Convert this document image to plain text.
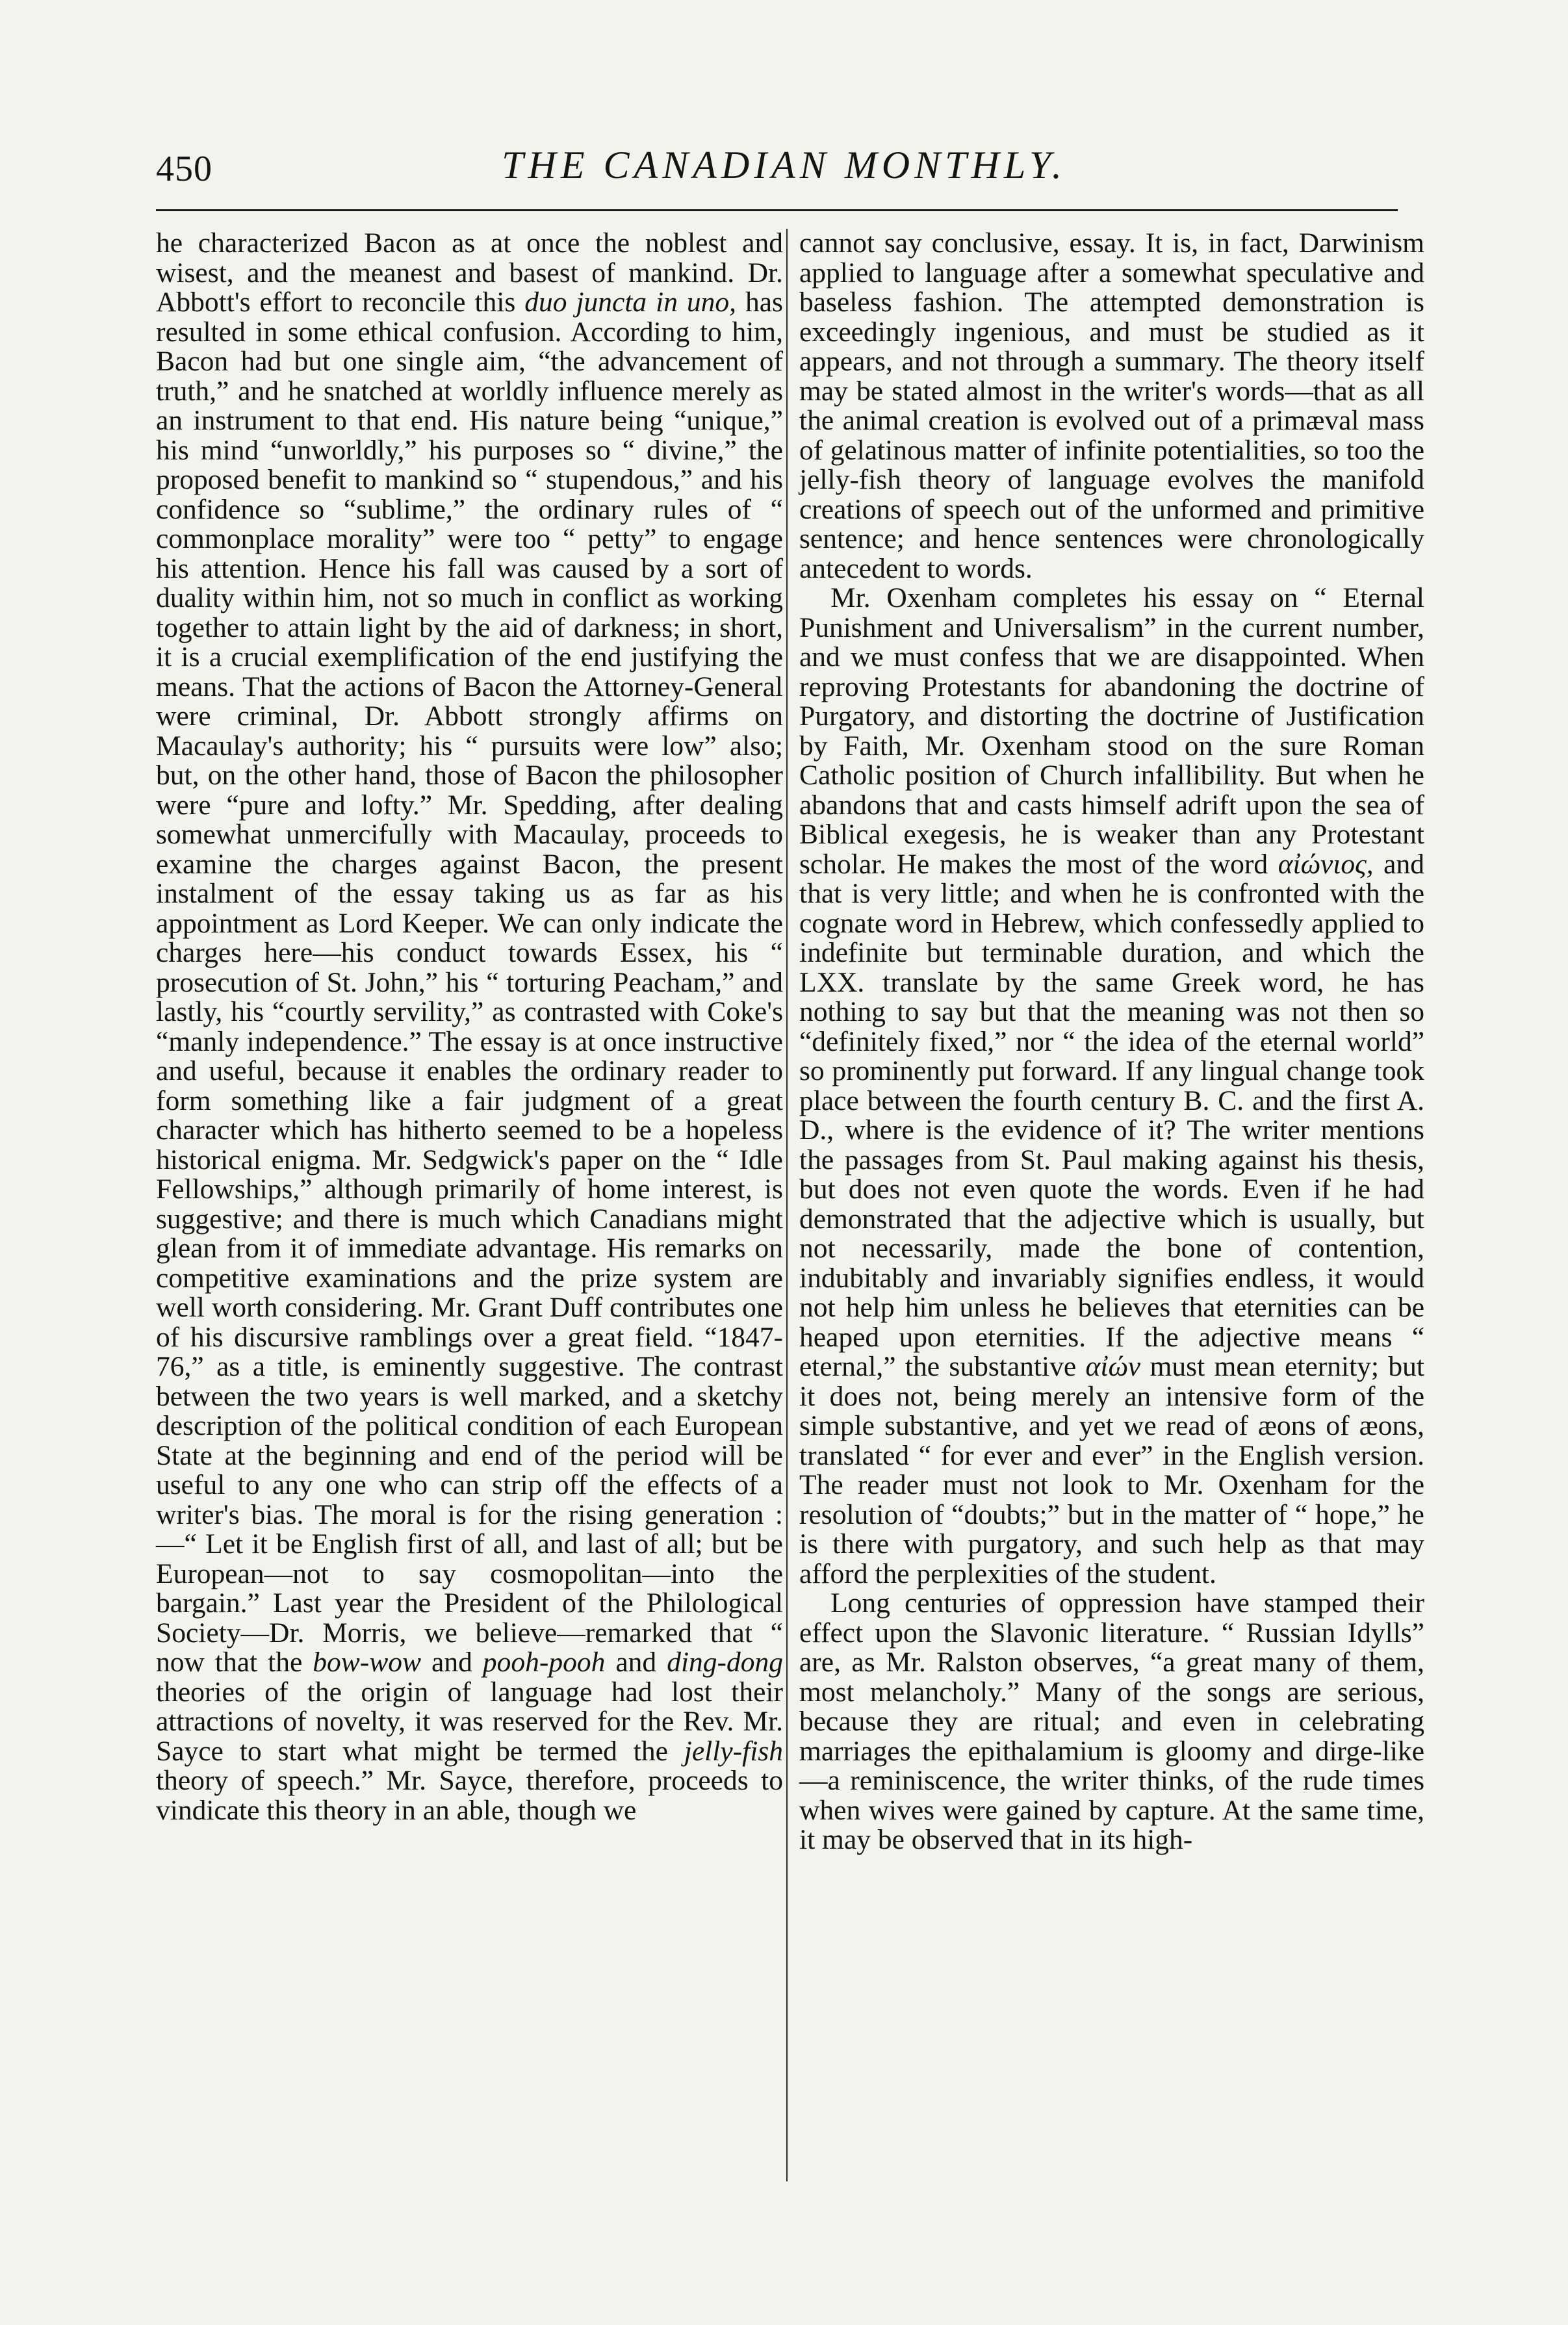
450	THE CANADIAN MONTHLY.

he characterized Bacon as at once the noblest and wisest, and the meanest and basest of mankind. Dr. Abbott's effort to reconcile this duo juncta in uno, has resulted in some ethical confusion. According to him, Bacon had but one single aim, “the advancement of truth,” and he snatched at worldly influence merely as an instrument to that end. His nature being “unique,” his mind “unworldly,” his purposes so “ divine,” the proposed benefit to mankind so “ stupendous,” and his confidence so “sublime,” the ordinary rules of “ commonplace morality” were too “ petty” to engage his attention. Hence his fall was caused by a sort of duality within him, not so much in conflict as working together to attain light by the aid of darkness; in short, it is a crucial exemplification of the end justifying the means. That the actions of Bacon the Attorney-General were criminal, Dr. Abbott strongly affirms on Macaulay's authority; his “ pursuits were low” also; but, on the other hand, those of Bacon the philosopher were “pure and lofty.” Mr. Spedding, after dealing somewhat unmercifully with Macaulay, proceeds to examine the charges against Bacon, the present instalment of the essay taking us as far as his appointment as Lord Keeper. We can only indicate the charges here—his conduct towards Essex, his “ prosecution of St. John,” his “ torturing Peacham,” and lastly, his “courtly servility,” as contrasted with Coke's “manly independence.” The essay is at once instructive and useful, because it enables the ordinary reader to form something like a fair judgment of a great character which has hitherto seemed to be a hopeless historical enigma. Mr. Sedgwick's paper on the “ Idle Fellowships,” although primarily of home interest, is suggestive; and there is much which Canadians might glean from it of immediate advantage. His remarks on competitive examinations and the prize system are well worth considering. Mr. Grant Duff contributes one of his discursive ramblings over a great field. “1847-76,” as a title, is eminently suggestive. The contrast between the two years is well marked, and a sketchy description of the political condition of each European State at the beginning and end of the period will be useful to any one who can strip off the effects of a writer's bias. The moral is for the rising generation :—“ Let it be English first of all, and last of all; but be European—not to say cosmopolitan—into the bargain.” Last year the President of the Philological Society—Dr. Morris, we believe—remarked that “ now that the bow-wow and pooh-pooh and ding-dong theories of the origin of language had lost their attractions of novelty, it was reserved for the Rev. Mr. Sayce to start what might be termed the jelly-fish theory of speech.” Mr. Sayce, therefore, proceeds to vindicate this theory in an able, though we

cannot say conclusive, essay. It is, in fact, Darwinism applied to language after a somewhat speculative and baseless fashion. The attempted demonstration is exceedingly ingenious, and must be studied as it appears, and not through a summary. The theory itself may be stated almost in the writer's words—that as all the animal creation is evolved out of a primæval mass of gelatinous matter of infinite potentialities, so too the jelly-fish theory of language evolves the manifold creations of speech out of the unformed and primitive sentence; and hence sentences were chronologically antecedent to words.

Mr. Oxenham completes his essay on “ Eternal Punishment and Universalism” in the current number, and we must confess that we are disappointed. When reproving Protestants for abandoning the doctrine of Purgatory, and distorting the doctrine of Justification by Faith, Mr. Oxenham stood on the sure Roman Catholic position of Church infallibility. But when he abandons that and casts himself adrift upon the sea of Biblical exegesis, he is weaker than any Protestant scholar. He makes the most of the word αἰώνιος, and that is very little; and when he is confronted with the cognate word in Hebrew, which confessedly applied to indefinite but terminable duration, and which the LXX. translate by the same Greek word, he has nothing to say but that the meaning was not then so “definitely fixed,” nor “ the idea of the eternal world” so prominently put forward. If any lingual change took place between the fourth century B. C. and the first A. D., where is the evidence of it? The writer mentions the passages from St. Paul making against his thesis, but does not even quote the words. Even if he had demonstrated that the adjective which is usually, but not necessarily, made the bone of contention, indubitably and invariably signifies endless, it would not help him unless he believes that eternities can be heaped upon eternities. If the adjective means “ eternal,” the substantive αἰών must mean eternity; but it does not, being merely an intensive form of the simple substantive, and yet we read of æons of æons, translated “ for ever and ever” in the English version. The reader must not look to Mr. Oxenham for the resolution of “doubts;” but in the matter of “ hope,” he is there with purgatory, and such help as that may afford the perplexities of the student.

Long centuries of oppression have stamped their effect upon the Slavonic literature. “ Russian Idylls” are, as Mr. Ralston observes, “a great many of them, most melancholy.” Many of the songs are serious, because they are ritual; and even in celebrating marriages the epithalamium is gloomy and dirge-like—a reminiscence, the writer thinks, of the rude times when wives were gained by capture. At the same time, it may be observed that in its high-
